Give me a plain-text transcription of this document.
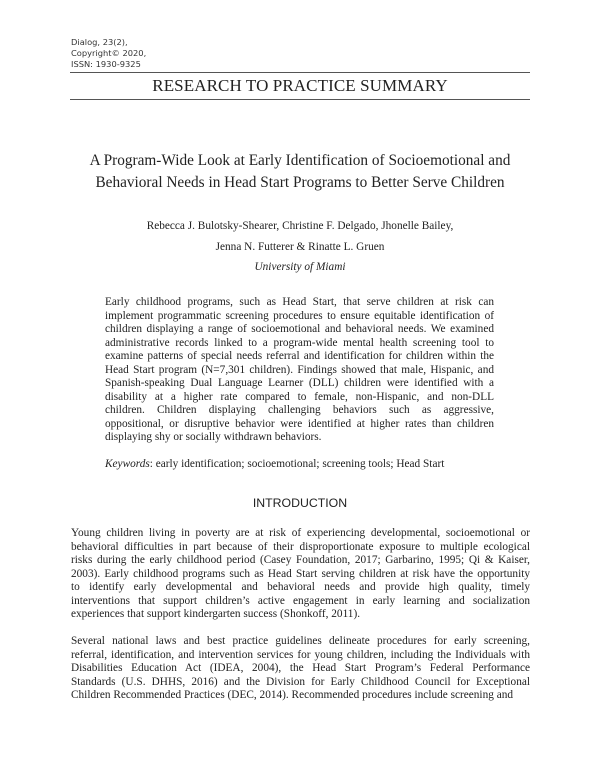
Dialog, 23(2),
Copyright© 2020,
ISSN: 1930-9325
RESEARCH TO PRACTICE SUMMARY
A Program-Wide Look at Early Identification of Socioemotional and
Behavioral Needs in Head Start Programs to Better Serve Children
Rebecca J. Bulotsky-Shearer, Christine F. Delgado, Jhonelle Bailey,
Jenna N. Futterer & Rinatte L. Gruen
University of Miami
Early childhood programs, such as Head Start, that serve children at risk can
implement programmatic screening procedures to ensure equitable identification of
children displaying a range of socioemotional and behavioral needs. We examined
administrative records linked to a program-wide mental health screening tool to
examine patterns of special needs referral and identification for children within the
Head Start program (N=7,301 children). Findings showed that male, Hispanic, and
Spanish-speaking Dual Language Learner (DLL) children were identified with a
disability at a higher rate compared to female, non-Hispanic, and non-DLL
children. Children displaying challenging behaviors such as aggressive,
oppositional, or disruptive behavior were identified at higher rates than children
displaying shy or socially withdrawn behaviors.
Keywords: early identification; socioemotional; screening tools; Head Start
INTRODUCTION
Young children living in poverty are at risk of experiencing developmental, socioemotional or
behavioral difficulties in part because of their disproportionate exposure to multiple ecological
risks during the early childhood period (Casey Foundation, 2017; Garbarino, 1995; Qi & Kaiser,
2003). Early childhood programs such as Head Start serving children at risk have the opportunity
to identify early developmental and behavioral needs and provide high quality, timely
interventions that support children’s active engagement in early learning and socialization
experiences that support kindergarten success (Shonkoff, 2011).
Several national laws and best practice guidelines delineate procedures for early screening,
referral, identification, and intervention services for young children, including the Individuals with
Disabilities Education Act (IDEA, 2004), the Head Start Program’s Federal Performance
Standards (U.S. DHHS, 2016) and the Division for Early Childhood Council for Exceptional
Children Recommended Practices (DEC, 2014). Recommended procedures include screening and
